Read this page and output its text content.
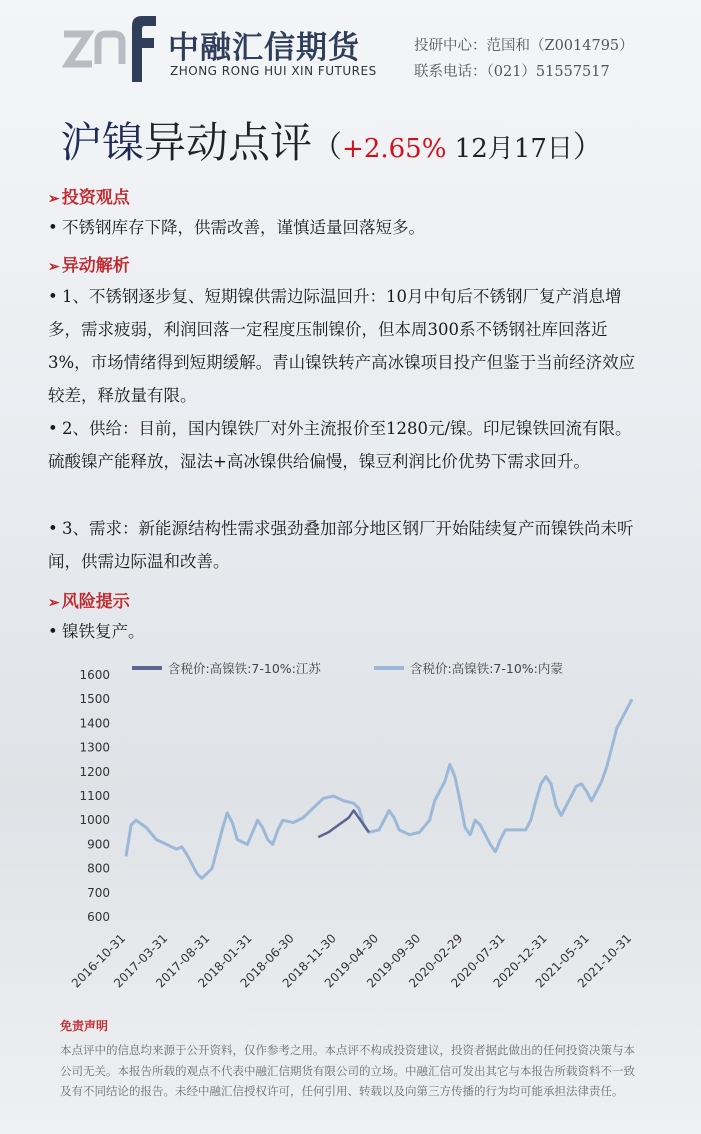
中融汇信期货
ZHONG RONG HUI XIN FUTURES
投研中心：范国和（Z0014795）
联系电话：（021）51557517
沪镍异动点评（+2.65% 12月17日）
➢ 投资观点
• 不锈钢库存下降，供需改善，谨慎适量回落短多。
➢ 异动解析
• 1、不锈钢逐步复、短期镍供需边际温回升：10月中旬后不锈钢厂复产消息增多，需求疲弱，利润回落一定程度压制镍价，但本周300系不锈钢社库回落近3%，市场情绪得到短期缓解。青山镍铁转产高冰镍项目投产但鉴于当前经济效应较差，释放量有限。
• 2、供给：目前，国内镍铁厂对外主流报价至1280元/镍。印尼镍铁回流有限。硫酸镍产能释放，湿法+高冰镍供给偏慢，镍豆利润比价优势下需求回升。
• 3、需求：新能源结构性需求强劲叠加部分地区钢厂开始陆续复产而镍铁尚未听闻，供需边际温和改善。
➢ 风险提示
• 镍铁复产。
600
700
800
900
1000
1100
1200
1300
1400
1500
1600
2016-10-31
2017-03-31
2017-08-31
2018-01-31
2018-06-30
2018-11-30
2019-04-30
2019-09-30
2020-02-29
2020-07-31
2020-12-31
2021-05-31
2021-10-31
含税价:高镍铁:7-10%:江苏	含税价:高镍铁:7-10%:内蒙
免责声明
本点评中的信息均来源于公开资料，仅作参考之用。本点评不构成投资建议，投资者据此做出的任何投资决策与本公司无关。本报告所载的观点不代表中融汇信期货有限公司的立场。中融汇信可发出其它与本报告所载资料不一致及有不同结论的报告。未经中融汇信授权许可，任何引用、转载以及向第三方传播的行为均可能承担法律责任。
